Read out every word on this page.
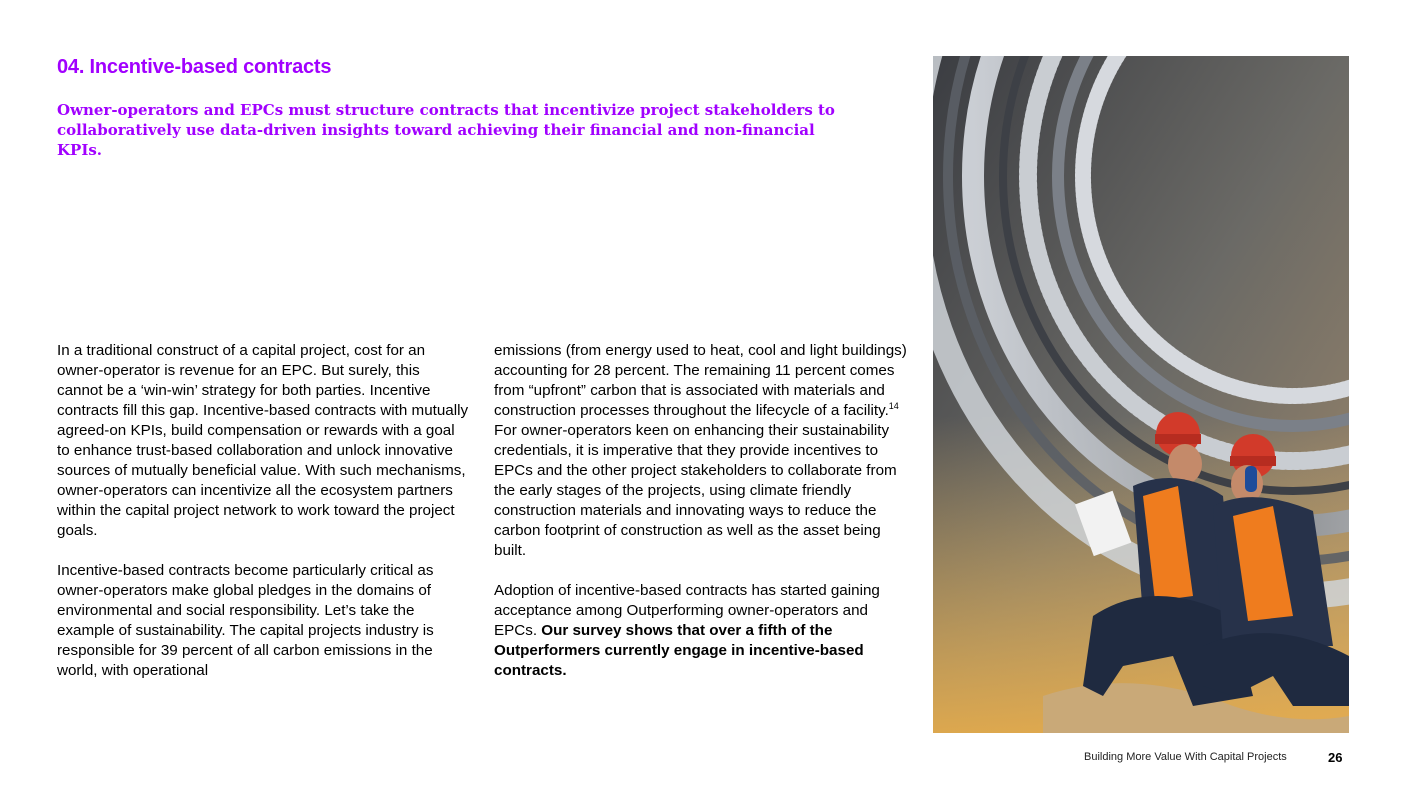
04. Incentive-based contracts

Owner-operators and EPCs must structure contracts that incentivize project stakeholders to collaboratively use data-driven insights toward achieving their financial and non-financial KPIs.

In a traditional construct of a capital project, cost for an owner-operator is revenue for an EPC. But surely, this cannot be a ‘win-win’ strategy for both parties. Incentive contracts fill this gap. Incentive-based contracts with mutually agreed-on KPIs, build compensation or rewards with a goal to enhance trust-based collaboration and unlock innovative sources of mutually beneficial value. With such mechanisms, owner-operators can incentivize all the ecosystem partners within the capital project network to work toward the project goals.

Incentive-based contracts become particularly critical as owner-operators make global pledges in the domains of environmental and social responsibility. Let’s take the example of sustainability. The capital projects industry is responsible for 39 percent of all carbon emissions in the world, with operational

emissions (from energy used to heat, cool and light buildings) accounting for 28 percent. The remaining 11 percent comes from “upfront” carbon that is associated with materials and construction processes throughout the lifecycle of a facility.$^{14}$ For owner-operators keen on enhancing their sustainability credentials, it is imperative that they provide incentives to EPCs and the other project stakeholders to collaborate from the early stages of the projects, using climate friendly construction materials and innovating ways to reduce the carbon footprint of construction as well as the asset being built.

Adoption of incentive-based contracts has started gaining acceptance among Outperforming owner-operators and EPCs. Our survey shows that over a fifth of the Outperformers currently engage in incentive-based contracts.

Building More Value With Capital Projects	26
